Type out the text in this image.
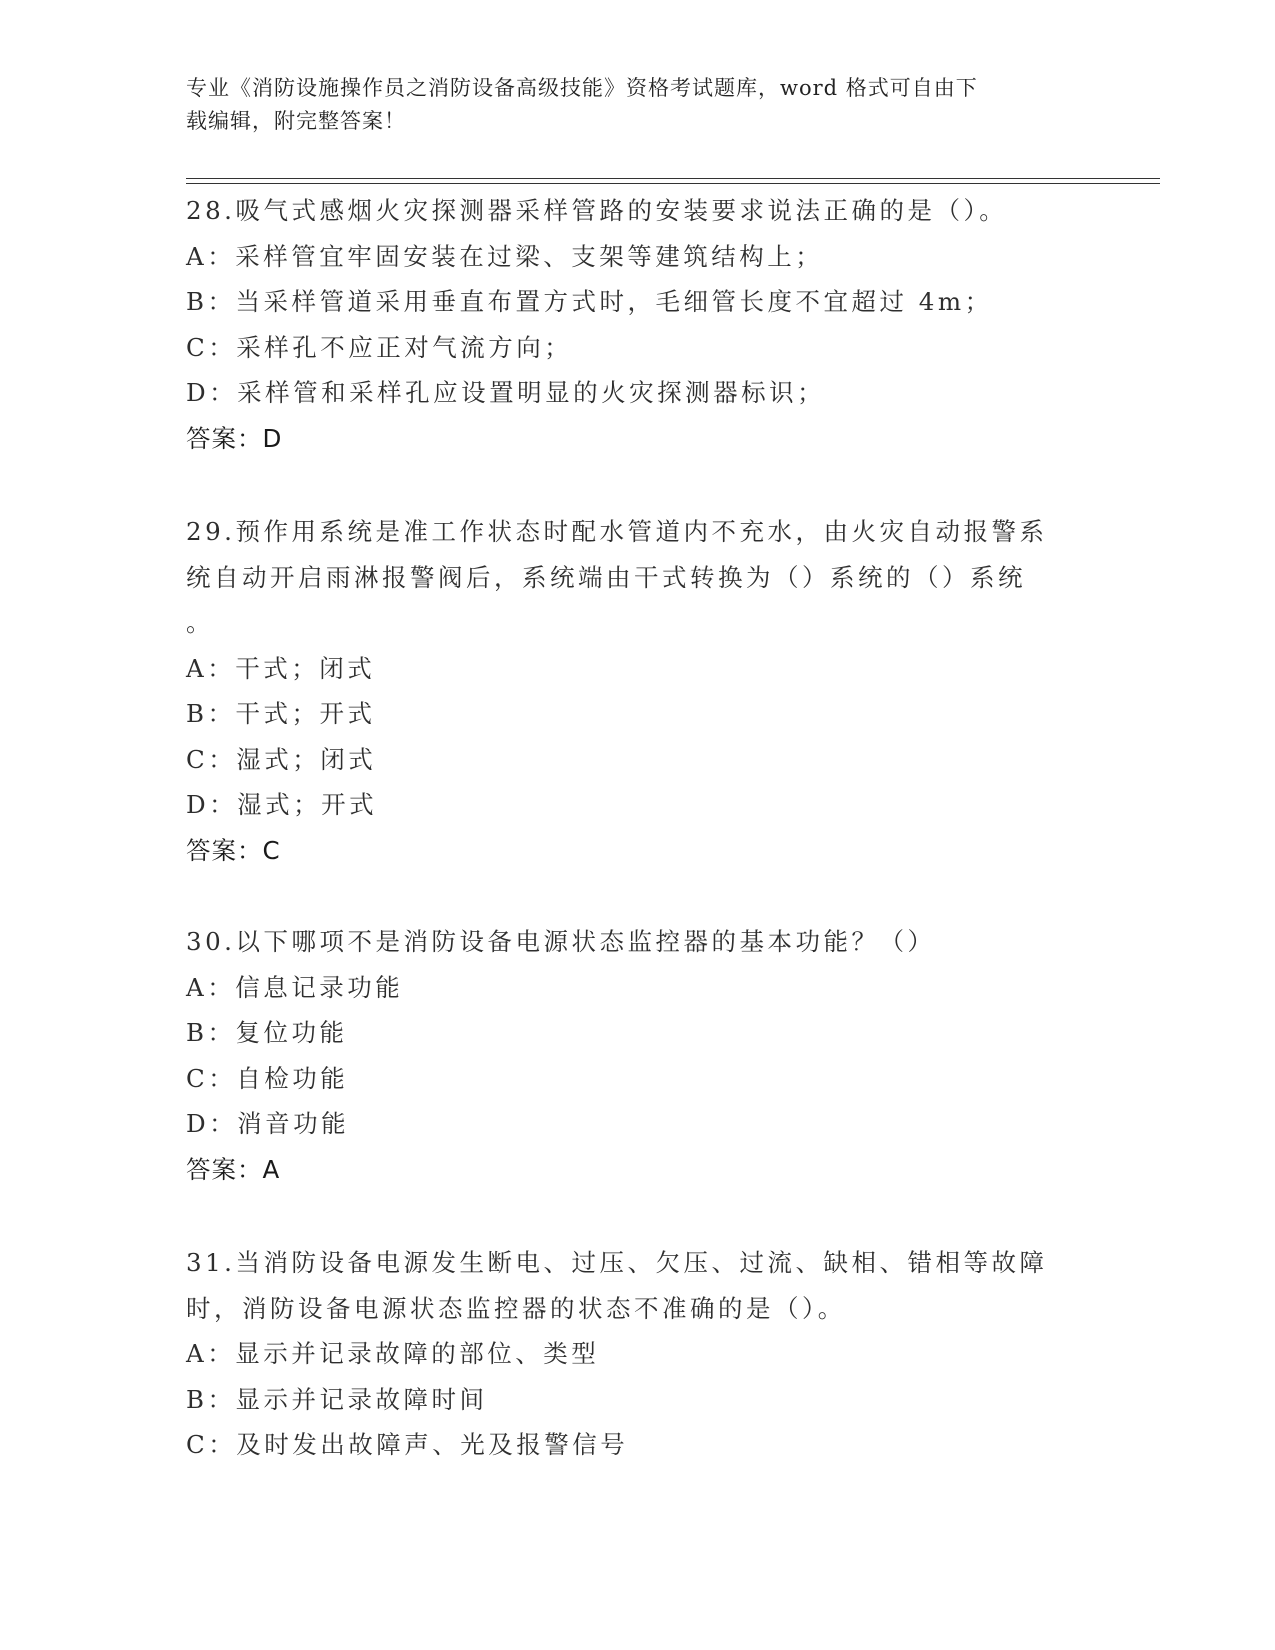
专业《消防设施操作员之消防设备高级技能》资格考试题库，word 格式可自由下
载编辑，附完整答案！
28.吸气式感烟火灾探测器采样管路的安装要求说法正确的是（）。
A：采样管宜牢固安装在过梁、支架等建筑结构上；
B：当采样管道采用垂直布置方式时，毛细管长度不宜超过 4m；
C：采样孔不应正对气流方向；
D：采样管和采样孔应设置明显的火灾探测器标识；
答案：D
29.预作用系统是准工作状态时配水管道内不充水，由火灾自动报警系
统自动开启雨淋报警阀后，系统端由干式转换为（）系统的（）系统
。
A：干式；闭式
B：干式；开式
C：湿式；闭式
D：湿式；开式
答案：C
30.以下哪项不是消防设备电源状态监控器的基本功能？（）
A：信息记录功能
B：复位功能
C：自检功能
D：消音功能
答案：A
31.当消防设备电源发生断电、过压、欠压、过流、缺相、错相等故障
时，消防设备电源状态监控器的状态不准确的是（）。
A：显示并记录故障的部位、类型
B：显示并记录故障时间
C：及时发出故障声、光及报警信号
